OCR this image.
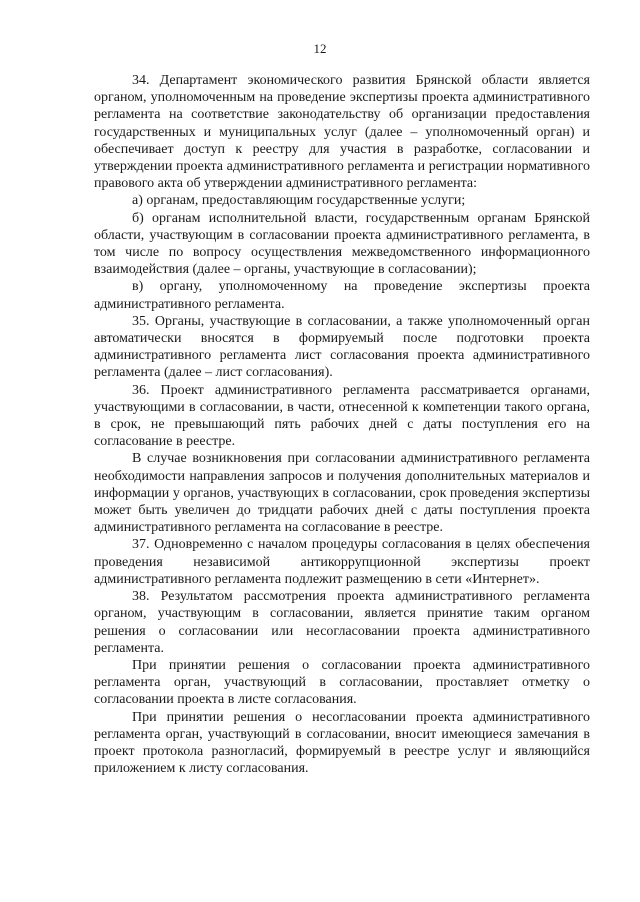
12

34. Департамент экономического развития Брянской области является органом, уполномоченным на проведение экспертизы проекта административного регламента на соответствие законодательству об организации предоставления государственных и муниципальных услуг (далее – уполномоченный орган) и обеспечивает доступ к реестру для участия в разработке, согласовании и утверждении проекта административного регламента и регистрации нормативного правового акта об утверждении административного регламента:

а) органам, предоставляющим государственные услуги;

б) органам исполнительной власти, государственным органам Брянской области, участвующим в согласовании проекта административного регламента, в том числе по вопросу осуществления межведомственного информационного взаимодействия (далее – органы, участвующие в согласовании);

в) органу, уполномоченному на проведение экспертизы проекта административного регламента.

35. Органы, участвующие в согласовании, а также уполномоченный орган автоматически вносятся в формируемый после подготовки проекта административного регламента лист согласования проекта административного регламента (далее – лист согласования).

36. Проект административного регламента рассматривается органами, участвующими в согласовании, в части, отнесенной к компетенции такого органа, в срок, не превышающий пять рабочих дней с даты поступления его на согласование в реестре.

В случае возникновения при согласовании административного регламента необходимости направления запросов и получения дополнительных материалов и информации у органов, участвующих в согласовании, срок проведения экспертизы может быть увеличен до тридцати рабочих дней с даты поступления проекта административного регламента на согласование в реестре.

37. Одновременно с началом процедуры согласования в целях обеспечения проведения независимой антикоррупционной экспертизы проект административного регламента подлежит размещению в сети «Интернет».

38. Результатом рассмотрения проекта административного регламента органом, участвующим в согласовании, является принятие таким органом решения о согласовании или несогласовании проекта административного регламента.

При принятии решения о согласовании проекта административного регламента орган, участвующий в согласовании, проставляет отметку о согласовании проекта в листе согласования.

При принятии решения о несогласовании проекта административного регламента орган, участвующий в согласовании, вносит имеющиеся замечания в проект протокола разногласий, формируемый в реестре услуг и являющийся приложением к листу согласования.
